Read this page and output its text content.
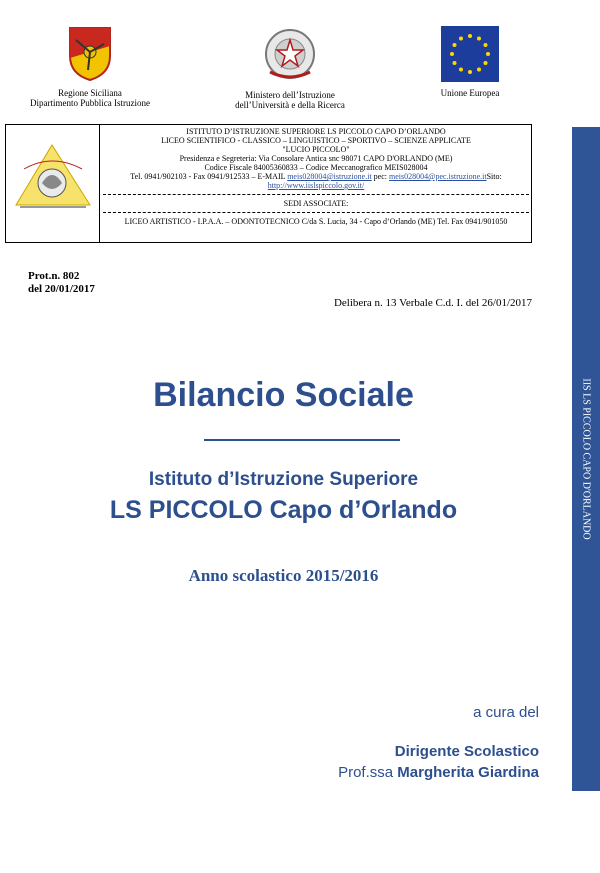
Regione Siciliana
Dipartimento Pubblica Istruzione
Ministero dell’Istruzione
dell’Università e della Ricerca
Unione Europea
ISTITUTO D’ISTRUZIONE SUPERIORE LS PICCOLO CAPO D’ORLANDO
LICEO SCIENTIFICO - CLASSICO – LINGUISTICO – SPORTIVO – SCIENZE APPLICATE
"LUCIO PICCOLO"
Presidenza e Segreteria: Via Consolare Antica snc 98071 CAPO D'ORLANDO (ME)
Codice Fiscale 84005360833 – Codice Meccanografico MEIS028004
Tel. 0941/902103 - Fax 0941/912533 – E-MAIL meis028004@istruzione.it pec: meis028004@pec.istruzione.itSito:
http://www.iislspiccolo.gov.it/
SEDI ASSOCIATE:
LICEO ARTISTICO - I.P.A.A. – ODONTOTECNICO C/da S. Lucia, 34 - Capo d’Orlando (ME) Tel. Fax 0941/901050
Prot.n. 802
del 20/01/2017
Delibera n. 13 Verbale C.d. I. del 26/01/2017
Bilancio Sociale
Istituto d’Istruzione Superiore
LS PICCOLO Capo d’Orlando
Anno scolastico 2015/2016
a cura del
Dirigente Scolastico
Prof.ssa Margherita Giardina
IIS LS PICCOLO CAPO D'ORLANDO
